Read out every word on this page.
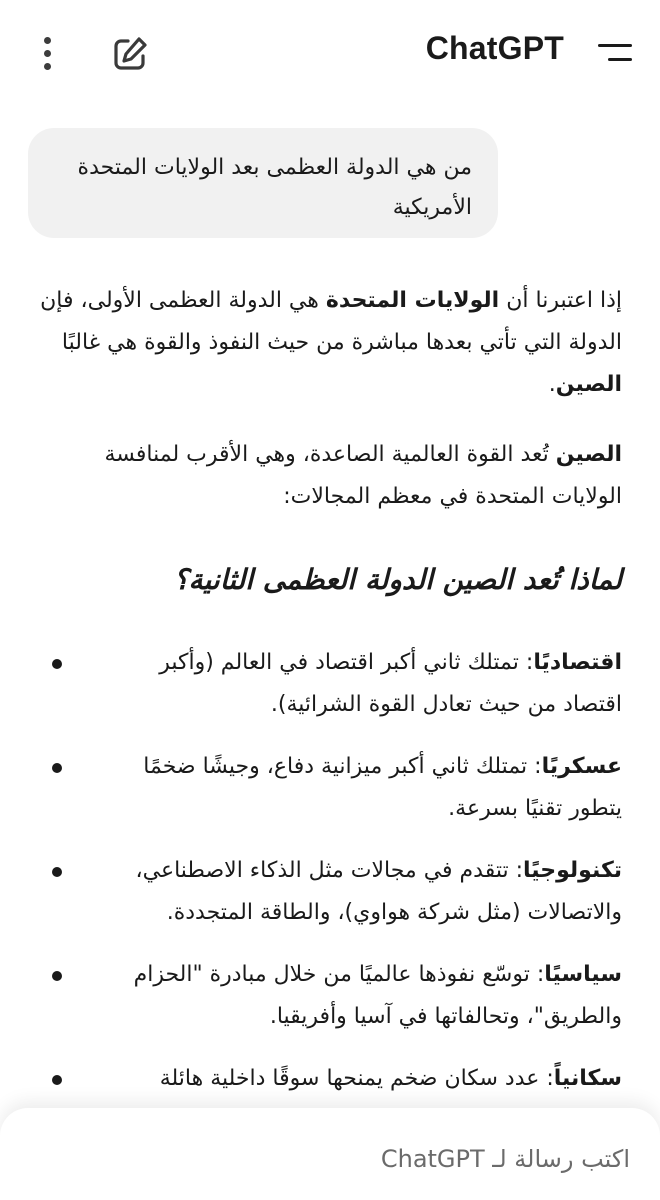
ChatGPT
من هي الدولة العظمى بعد الولايات المتحدة الأمريكية

إذا اعتبرنا أن الولايات المتحدة هي الدولة العظمى الأولى، فإن الدولة التي تأتي بعدها مباشرة من حيث النفوذ والقوة هي غالبًا الصين.

الصين تُعد القوة العالمية الصاعدة، وهي الأقرب لمنافسة الولايات المتحدة في معظم المجالات:

لماذا تُعد الصين الدولة العظمى الثانية؟
اقتصاديًا: تمتلك ثاني أكبر اقتصاد في العالم (وأكبر اقتصاد من حيث تعادل القوة الشرائية).
عسكريًا: تمتلك ثاني أكبر ميزانية دفاع، وجيشًا ضخمًا يتطور تقنيًا بسرعة.
تكنولوجيًا: تتقدم في مجالات مثل الذكاء الاصطناعي، والاتصالات (مثل شركة هواوي)، والطاقة المتجددة.
سياسيًا: توسّع نفوذها عالميًا من خلال مبادرة "الحزام والطريق"، وتحالفاتها في آسيا وأفريقيا.
سكانياً: عدد سكان ضخم يمنحها سوقًا داخلية هائلة
اكتب رسالة لـ ChatGPT
